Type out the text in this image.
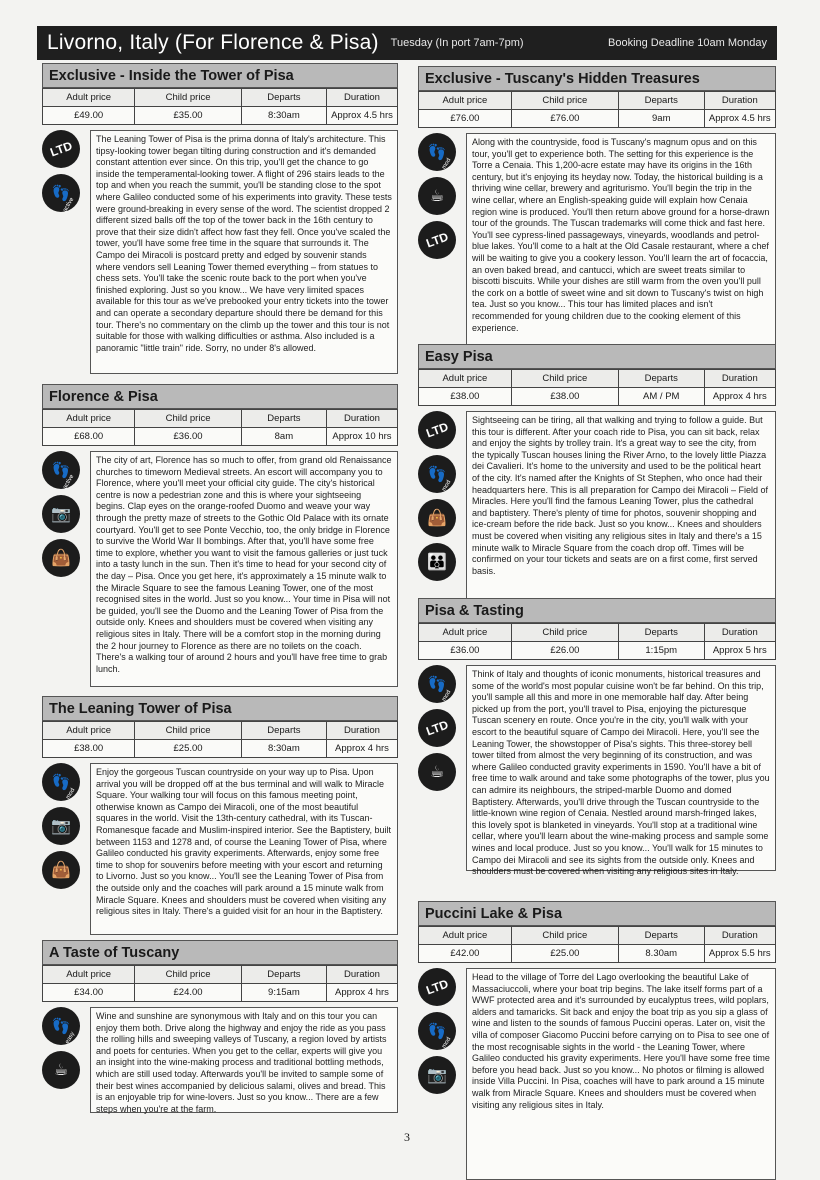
Livorno, Italy (For Florence & Pisa) Tuesday (In port 7am-7pm)	Booking Deadline 10am Monday
Exclusive - Inside the Tower of Pisa
Adult price	Child price	Departs	Duration
£49.00	£35.00	8:30am	Approx 4.5 hrs
LTD
👣
active
The Leaning Tower of Pisa is the prima donna of Italy's architecture. This tipsy-looking tower began tilting during construction and it's demanded constant attention ever since. On this trip, you'll get the chance to go inside the temperamental-looking tower. A flight of 296 stairs leads to the top and when you reach the summit, you'll be standing close to the spot where Galileo conducted some of his experiments into gravity. These tests were ground-breaking in every sense of the word. The scientist dropped 2 different sized balls off the top of the tower back in the 16th century to prove that their size didn't affect how fast they fell. Once you've scaled the tower, you'll have some free time in the square that surrounds it. The Campo dei Miracoli is postcard pretty and edged by souvenir stands where vendors sell Leaning Tower themed everything – from statues to chess sets. You'll take the scenic route back to the port when you've finished exploring. Just so you know... We have very limited spaces available for this tour as we've prebooked your entry tickets into the tower and can operate a secondary departure should there be demand for this tour. There's no commentary on the climb up the tower and this tour is not suitable for those with walking difficulties or asthma. Also included is a panoramic "little train" ride. Sorry, no under 8's allowed.
Florence & Pisa
Adult price	Child price	Departs	Duration
£68.00	£36.00	8am	Approx 10 hrs
👣
active
📷
👜
The city of art, Florence has so much to offer, from grand old Renaissance churches to timeworn Medieval streets. An escort will accompany you to Florence, where you'll meet your official city guide. The city's historical centre is now a pedestrian zone and this is where your sightseeing begins. Clap eyes on the orange-roofed Duomo and weave your way through the pretty maze of streets to the Gothic Old Palace with its ornate courtyard. You'll get to see Ponte Vecchio, too, the only bridge in Florence to survive the World War II bombings. After that, you'll have some free time to explore, whether you want to visit the famous galleries or just tuck into a tasty lunch in the sun. Then it's time to head for your second city of the day – Pisa. Once you get here, it's approximately a 15 minute walk to the Miracle Square to see the famous Leaning Tower, one of the most recognised sites in the world. Just so you know... Your time in Pisa will not be guided, you'll see the Duomo and the Leaning Tower of Pisa from the outside only. Knees and shoulders must be covered when visiting any religious sites in Italy. There will be a comfort stop in the morning during the 2 hour journey to Florence as there are no toilets on the coach. There's a walking tour of around 2 hours and you'll have free time to grab lunch.
The Leaning Tower of Pisa
Adult price	Child price	Departs	Duration
£38.00	£25.00	8:30am	Approx 4 hrs
👣
mod
📷
👜
Enjoy the gorgeous Tuscan countryside on your way up to Pisa. Upon arrival you will be dropped off at the bus terminal and will walk to Miracle Square. Your walking tour will focus on this famous meeting point, otherwise known as Campo dei Miracoli, one of the most beautiful squares in the world. Visit the 13th-century cathedral, with its Tuscan-Romanesque facade and Muslim-inspired interior. See the Baptistery, built between 1153 and 1278 and, of course the Leaning Tower of Pisa, where Galileo conducted his gravity experiments. Afterwards, enjoy some free time to shop for souvenirs before meeting with your escort and returning to Livorno. Just so you know... You'll see the Leaning Tower of Pisa from the outside only and the coaches will park around a 15 minute walk from Miracle Square. Knees and shoulders must be covered when visiting any religious sites in Italy. There's a guided visit for an hour in the Baptistery.
A Taste of Tuscany
Adult price	Child price	Departs	Duration
£34.00	£24.00	9:15am	Approx 4 hrs
👣
easy
☕
Wine and sunshine are synonymous with Italy and on this tour you can enjoy them both. Drive along the highway and enjoy the ride as you pass the rolling hills and sweeping valleys of Tuscany, a region loved by artists and poets for centuries. When you get to the cellar, experts will give you an insight into the wine-making process and traditional bottling methods, which are still used today. Afterwards you'll be invited to sample some of their best wines accompanied by delicious salami, olives and bread. This is an enjoyable trip for wine-lovers. Just so you know... There are a few steps when you're at the farm.
Exclusive - Tuscany's Hidden Treasures
Adult price	Child price	Departs	Duration
£76.00	£76.00	9am	Approx 4.5 hrs
👣
mod
☕
LTD
Along with the countryside, food is Tuscany's magnum opus and on this tour, you'll get to experience both. The setting for this experience is the Torre a Cenaia. This 1,200-acre estate may have its origins in the 16th century, but it's enjoying its heyday now. Today, the historical building is a thriving wine cellar, brewery and agriturismo. You'll begin the trip in the wine cellar, where an English-speaking guide will explain how Cenaia region wine is produced. You'll then return above ground for a horse-drawn tour of the grounds. The Tuscan trademarks will come thick and fast here. You'll see cypress-lined passageways, vineyards, woodlands and petrol-blue lakes. You'll come to a halt at the Old Casale restaurant, where a chef will be waiting to give you a cookery lesson. You'll learn the art of focaccia, an oven baked bread, and cantucci, which are sweet treats similar to biscotti biscuits. While your dishes are still warm from the oven you'll pull the cork on a bottle of sweet wine and sit down to Tuscany's twist on high tea. Just so you know... This tour has limited places and isn't recommended for young children due to the cooking element of this experience.
Easy Pisa
Adult price	Child price	Departs	Duration
£38.00	£38.00	AM / PM	Approx 4 hrs
LTD
👣
mod
👜
👪
Sightseeing can be tiring, all that walking and trying to follow a guide. But this tour is different. After your coach ride to Pisa, you can sit back, relax and enjoy the sights by trolley train. It's a great way to see the city, from the typically Tuscan houses lining the River Arno, to the lovely little Piazza dei Cavalieri. It's home to the university and used to be the political heart of the city. It's named after the Knights of St Stephen, who once had their headquarters here. This is all preparation for Campo dei Miracoli – Field of Miracles. Here you'll find the famous Leaning Tower, plus the cathedral and baptistery. There's plenty of time for photos, souvenir shopping and ice-cream before the ride back. Just so you know... Knees and shoulders must be covered when visiting any religious sites in Italy and there's a 15 minute walk to Miracle Square from the coach drop off. Times will be confirmed on your tour tickets and seats are on a first come, first served basis.
Pisa & Tasting
Adult price	Child price	Departs	Duration
£36.00	£26.00	1:15pm	Approx 5 hrs
👣
mod
LTD
☕
Think of Italy and thoughts of iconic monuments, historical treasures and some of the world's most popular cuisine won't be far behind. On this trip, you'll sample all this and more in one memorable half day. After being picked up from the port, you'll travel to Pisa, enjoying the picturesque Tuscan scenery en route. Once you're in the city, you'll walk with your escort to the beautiful square of Campo dei Miracoli. Here, you'll see the Leaning Tower, the showstopper of Pisa's sights. This three-storey bell tower tilted from almost the very beginning of its construction, and was where Galileo conducted gravity experiments in 1590. You'll have a bit of free time to walk around and take some photographs of the tower, plus you can admire its neighbours, the striped-marble Duomo and domed Baptistery. Afterwards, you'll drive through the Tuscan countryside to the little-known wine region of Cenaia. Nestled around marsh-fringed lakes, this lovely spot is blanketed in vineyards. You'll stop at a traditional wine cellar, where you'll learn about the wine-making process and sample some wines and local produce. Just so you know... You'll walk for 15 minutes to Campo dei Miracoli and see its sights from the outside only. Knees and shoulders must be covered when visiting any religious sites in Italy.
Puccini Lake & Pisa
Adult price	Child price	Departs	Duration
£42.00	£25.00	8.30am	Approx 5.5 hrs
LTD
👣
mod
📷
Head to the village of Torre del Lago overlooking the beautiful Lake of Massaciuccoli, where your boat trip begins. The lake itself forms part of a WWF protected area and it's surrounded by eucalyptus trees, wild poplars, alders and tamaricks. Sit back and enjoy the boat trip as you sip a glass of wine and listen to the sounds of famous Puccini operas. Later on, visit the villa of composer Giacomo Puccini before carrying on to Pisa to see one of the most recognisable sights in the world - the Leaning Tower, where Galileo conducted his gravity experiments. Here you'll have some free time before you head back. Just so you know... No photos or filming is allowed inside Villa Puccini. In Pisa, coaches will have to park around a 15 minute walk from Miracle Square. Knees and shoulders must be covered when visiting any religious sites in Italy.
3
